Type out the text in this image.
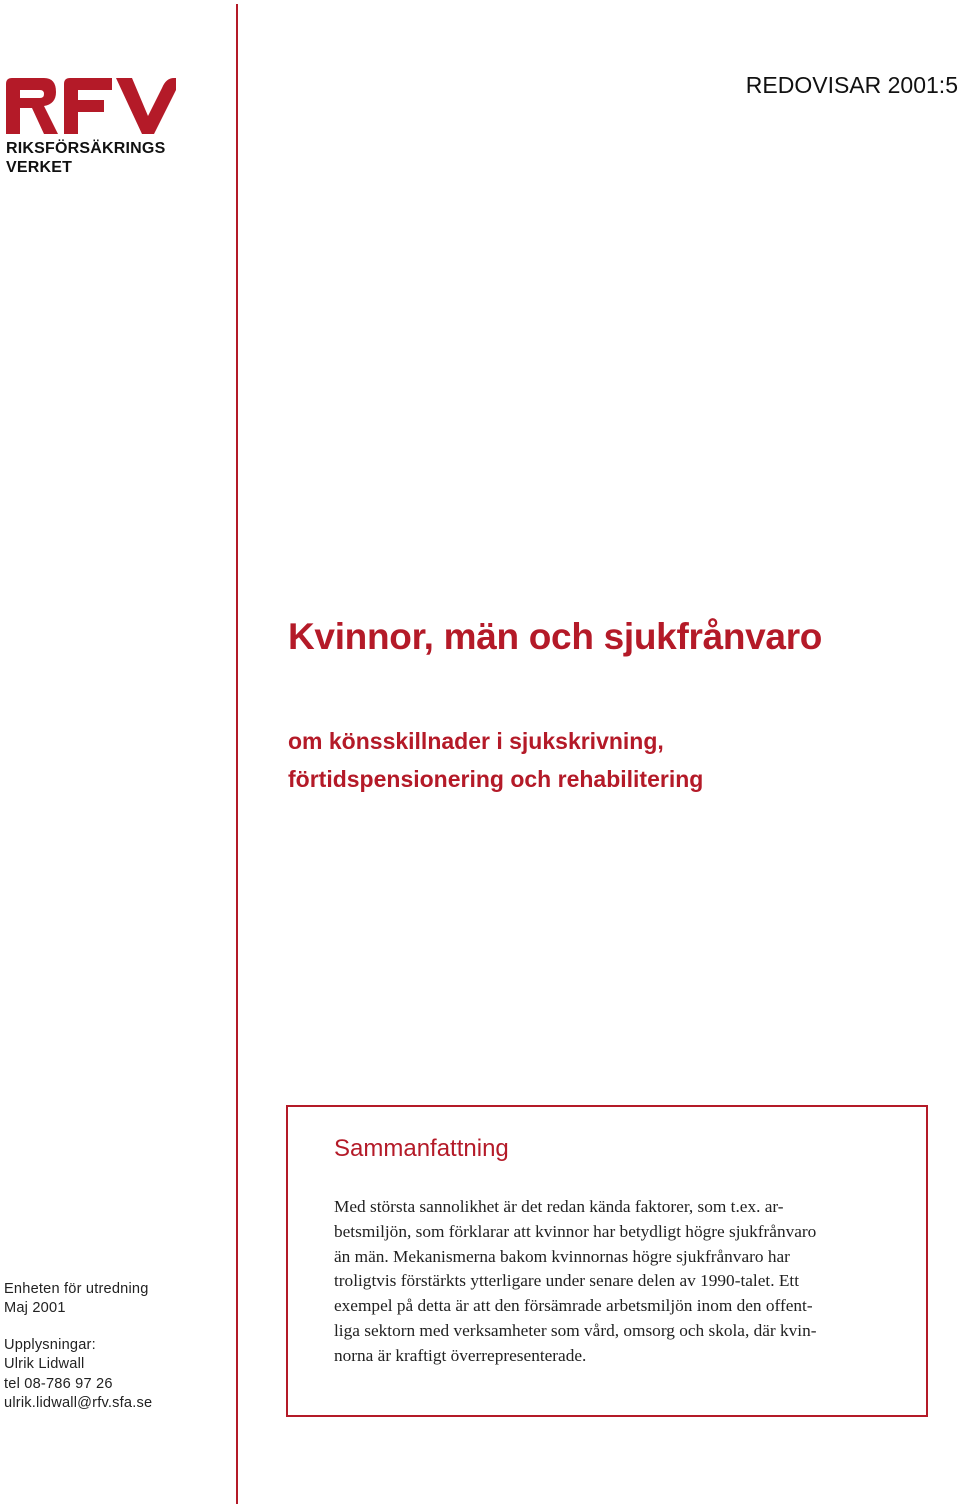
RIKSFÖRSÄKRINGS
VERKET
REDOVISAR 2001:5
Kvinnor, män och sjukfrånvaro
om könsskillnader i sjukskrivning,
förtidspensionering och rehabilitering
Sammanfattning
Med största sannolikhet är det redan kända faktorer, som t.ex. ar-
betsmiljön, som förklarar att kvinnor har betydligt högre sjukfrånvaro
än män. Mekanismerna bakom kvinnornas högre sjukfrånvaro har
troligtvis förstärkts ytterligare under senare delen av 1990-talet. Ett
exempel på detta är att den försämrade arbetsmiljön inom den offent-
liga sektorn med verksamheter som vård, omsorg och skola, där kvin-
norna är kraftigt överrepresenterade.
Enheten för utredning
Maj 2001
Upplysningar:
Ulrik Lidwall
tel 08-786 97 26
ulrik.lidwall@rfv.sfa.se
